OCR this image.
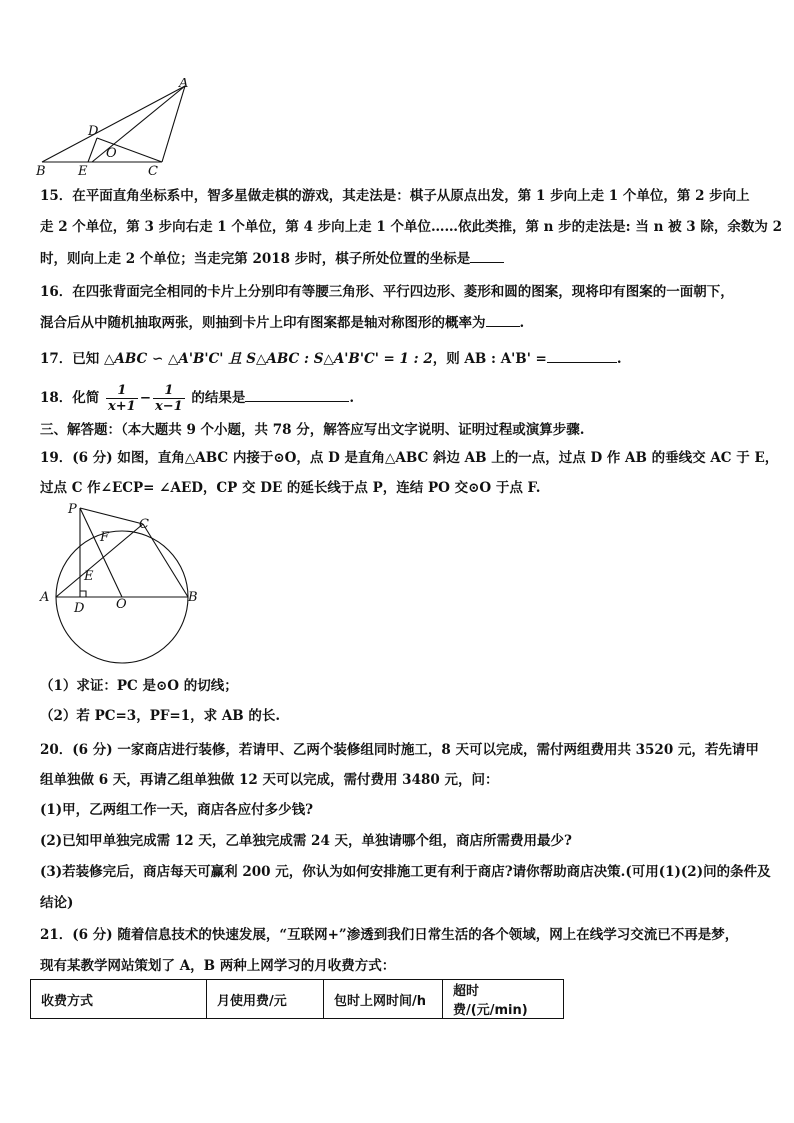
A
B	C
D
E
O
15．在平面直角坐标系中，智多星做走棋的游戏，其走法是：棋子从原点出发，第 1 步向上走 1 个单位，第 2 步向上
走 2 个单位，第 3 步向右走 1 个单位，第 4 步向上走 1 个单位……依此类推，第 n 步的走法是: 当 n 被 3 除，余数为 2
时，则向上走 2 个单位；当走完第 2018 步时，棋子所处位置的坐标是
16．在四张背面完全相同的卡片上分别印有等腰三角形、平行四边形、菱形和圆的图案，现将印有图案的一面朝下，
混合后从中随机抽取两张，则抽到卡片上印有图案都是轴对称图形的概率为	.
17．已知 △ABC ∽ △A'B'C' 且 S△ABC : S△A'B'C' = 1 : 2，则 AB : A'B' =	.
18．化简 $\frac{1}{x+1} - \frac{1}{x-1}$ 的结果是	.
三、解答题：（本大题共 9 个小题，共 78 分，解答应写出文字说明、证明过程或演算步骤.
19．(6 分) 如图，直角△ABC 内接于⊙O，点 D 是直角△ABC 斜边 AB 上的一点，过点 D 作 AB 的垂线交 AC 于 E，
过点 C 作∠ECP= ∠AED，CP 交 DE 的延长线于点 P，连结 PO 交⊙O 于点 F.
P
C
F
E
A
D O	B
（1）求证：PC 是⊙O 的切线；
（2）若 PC=3，PF=1，求 AB 的长.
20．(6 分) 一家商店进行装修，若请甲、乙两个装修组同时施工，8 天可以完成，需付两组费用共 3520 元，若先请甲
组单独做 6 天，再请乙组单独做 12 天可以完成，需付费用 3480 元，问：
(1)甲，乙两组工作一天，商店各应付多少钱?
(2)已知甲单独完成需 12 天，乙单独完成需 24 天，单独请哪个组，商店所需费用最少?
(3)若装修完后，商店每天可赢利 200 元，你认为如何安排施工更有利于商店?请你帮助商店决策.(可用(1)(2)问的条件及
结论)
21．(6 分) 随着信息技术的快速发展，“互联网+”渗透到我们日常生活的各个领域，网上在线学习交流已不再是梦，
现有某教学网站策划了 A，B 两种上网学习的月收费方式：
收费方式	月使用费/元	包时上网时间/h	超时费/(元/min)
